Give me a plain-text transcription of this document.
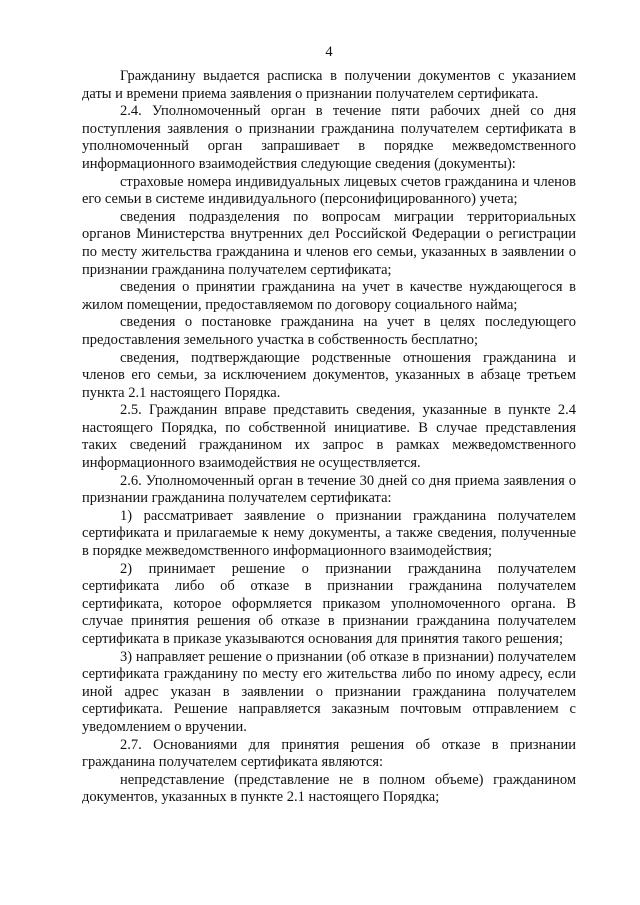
4

Гражданину выдается расписка в получении документов с указанием даты и времени приема заявления о признании получателем сертификата.

2.4. Уполномоченный орган в течение пяти рабочих дней со дня поступления заявления о признании гражданина получателем сертификата в уполномоченный орган запрашивает в порядке межведомственного информационного взаимодействия следующие сведения (документы):

страховые номера индивидуальных лицевых счетов гражданина и членов его семьи в системе индивидуального (персонифицированного) учета;

сведения подразделения по вопросам миграции территориальных органов Министерства внутренних дел Российской Федерации о регистрации по месту жительства гражданина и членов его семьи, указанных в заявлении о признании гражданина получателем сертификата;

сведения о принятии гражданина на учет в качестве нуждающегося в жилом помещении, предоставляемом по договору социального найма;

сведения о постановке гражданина на учет в целях последующего предоставления земельного участка в собственность бесплатно;

сведения, подтверждающие родственные отношения гражданина и членов его семьи, за исключением документов, указанных в абзаце третьем пункта 2.1 настоящего Порядка.

2.5. Гражданин вправе представить сведения, указанные в пункте 2.4 настоящего Порядка, по собственной инициативе. В случае представления таких сведений гражданином их запрос в рамках межведомственного информационного взаимодействия не осуществляется.

2.6. Уполномоченный орган в течение 30 дней со дня приема заявления о признании гражданина получателем сертификата:

1) рассматривает заявление о признании гражданина получателем сертификата и прилагаемые к нему документы, а также сведения, полученные в порядке межведомственного информационного взаимодействия;

2) принимает решение о признании гражданина получателем сертификата либо об отказе в признании гражданина получателем сертификата, которое оформляется приказом уполномоченного органа. В случае принятия решения об отказе в признании гражданина получателем сертификата в приказе указываются основания для принятия такого решения;

3) направляет решение о признании (об отказе в признании) получателем сертификата гражданину по месту его жительства либо по иному адресу, если иной адрес указан в заявлении о признании гражданина получателем сертификата. Решение направляется заказным почтовым отправлением с уведомлением о вручении.

2.7. Основаниями для принятия решения об отказе в признании гражданина получателем сертификата являются:

непредставление (представление не в полном объеме) гражданином документов, указанных в пункте 2.1 настоящего Порядка;
